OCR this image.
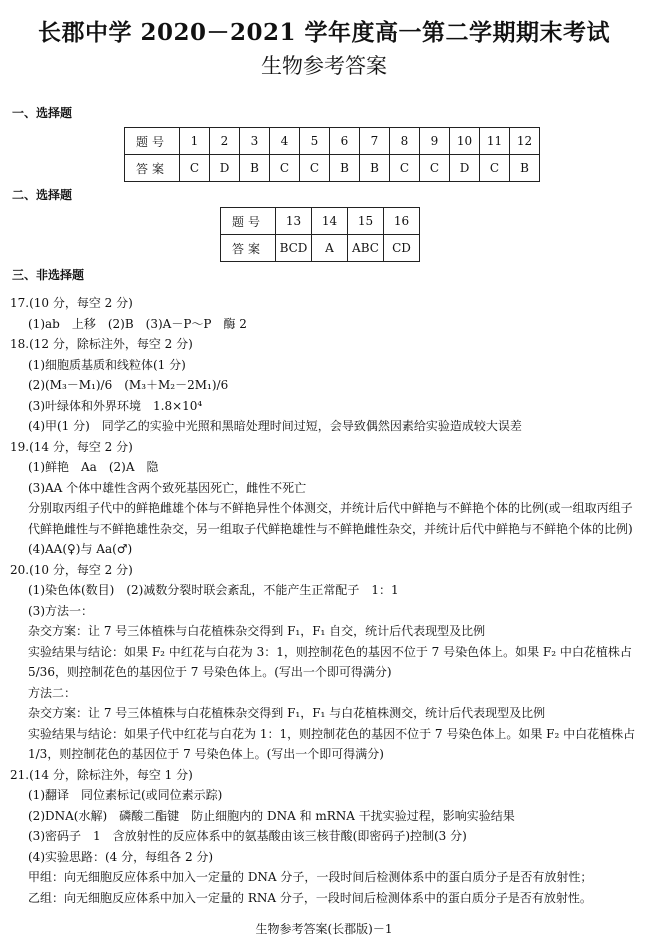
长郡中学 2020－2021 学年度高一第二学期期末考试
生物参考答案
一、选择题
题号	1	2	3	4	5	6	7	8	9	10	11	12
答案	C	D	B	C	C	B	B	C	C	D	C	B
二、选择题
题号	13	14	15	16
答案	BCD	A	ABC	CD
三、非选择题
17.(10 分，每空 2 分)
(1)ab　上移　(2)B　(3)A－P～P　酶 2
18.(12 分，除标注外，每空 2 分)
(1)细胞质基质和线粒体(1 分)
(2)(M₃－M₁)/6　(M₃＋M₂－2M₁)/6
(3)叶绿体和外界环境　1.8×10⁴
(4)甲(1 分)　同学乙的实验中光照和黑暗处理时间过短，会导致偶然因素给实验造成较大误差
19.(14 分，每空 2 分)
(1)鲜艳　Aa　(2)A　隐
(3)AA 个体中雄性含两个致死基因死亡，雌性不死亡
分别取丙组子代中的鲜艳雌雄个体与不鲜艳异性个体测交，并统计后代中鲜艳与不鲜艳个体的比例(或一组取丙组子代鲜艳雌性与不鲜艳雄性杂交，另一组取子代鲜艳雄性与不鲜艳雌性杂交，并统计后代中鲜艳与不鲜艳个体的比例)
(4)AA(♀)与 Aa(♂)
20.(10 分，每空 2 分)
(1)染色体(数目)　(2)减数分裂时联会紊乱，不能产生正常配子　1：1
(3)方法一：
杂交方案：让 7 号三体植株与白花植株杂交得到 F₁，F₁ 自交，统计后代表现型及比例
实验结果与结论：如果 F₂ 中红花与白花为 3：1，则控制花色的基因不位于 7 号染色体上。如果 F₂ 中白花植株占 5/36，则控制花色的基因位于 7 号染色体上。(写出一个即可得满分)
方法二：
杂交方案：让 7 号三体植株与白花植株杂交得到 F₁，F₁ 与白花植株测交，统计后代表现型及比例
实验结果与结论：如果子代中红花与白花为 1：1，则控制花色的基因不位于 7 号染色体上。如果 F₂ 中白花植株占 1/3，则控制花色的基因位于 7 号染色体上。(写出一个即可得满分)
21.(14 分，除标注外，每空 1 分)
(1)翻译　同位素标记(或同位素示踪)
(2)DNA(水解)　磷酸二酯键　防止细胞内的 DNA 和 mRNA 干扰实验过程，影响实验结果
(3)密码子　1　含放射性的反应体系中的氨基酸由该三核苷酸(即密码子)控制(3 分)
(4)实验思路：(4 分，每组各 2 分)
甲组：向无细胞反应体系中加入一定量的 DNA 分子，一段时间后检测体系中的蛋白质分子是否有放射性；
乙组：向无细胞反应体系中加入一定量的 RNA 分子，一段时间后检测体系中的蛋白质分子是否有放射性。
生物参考答案(长郡版)－1
